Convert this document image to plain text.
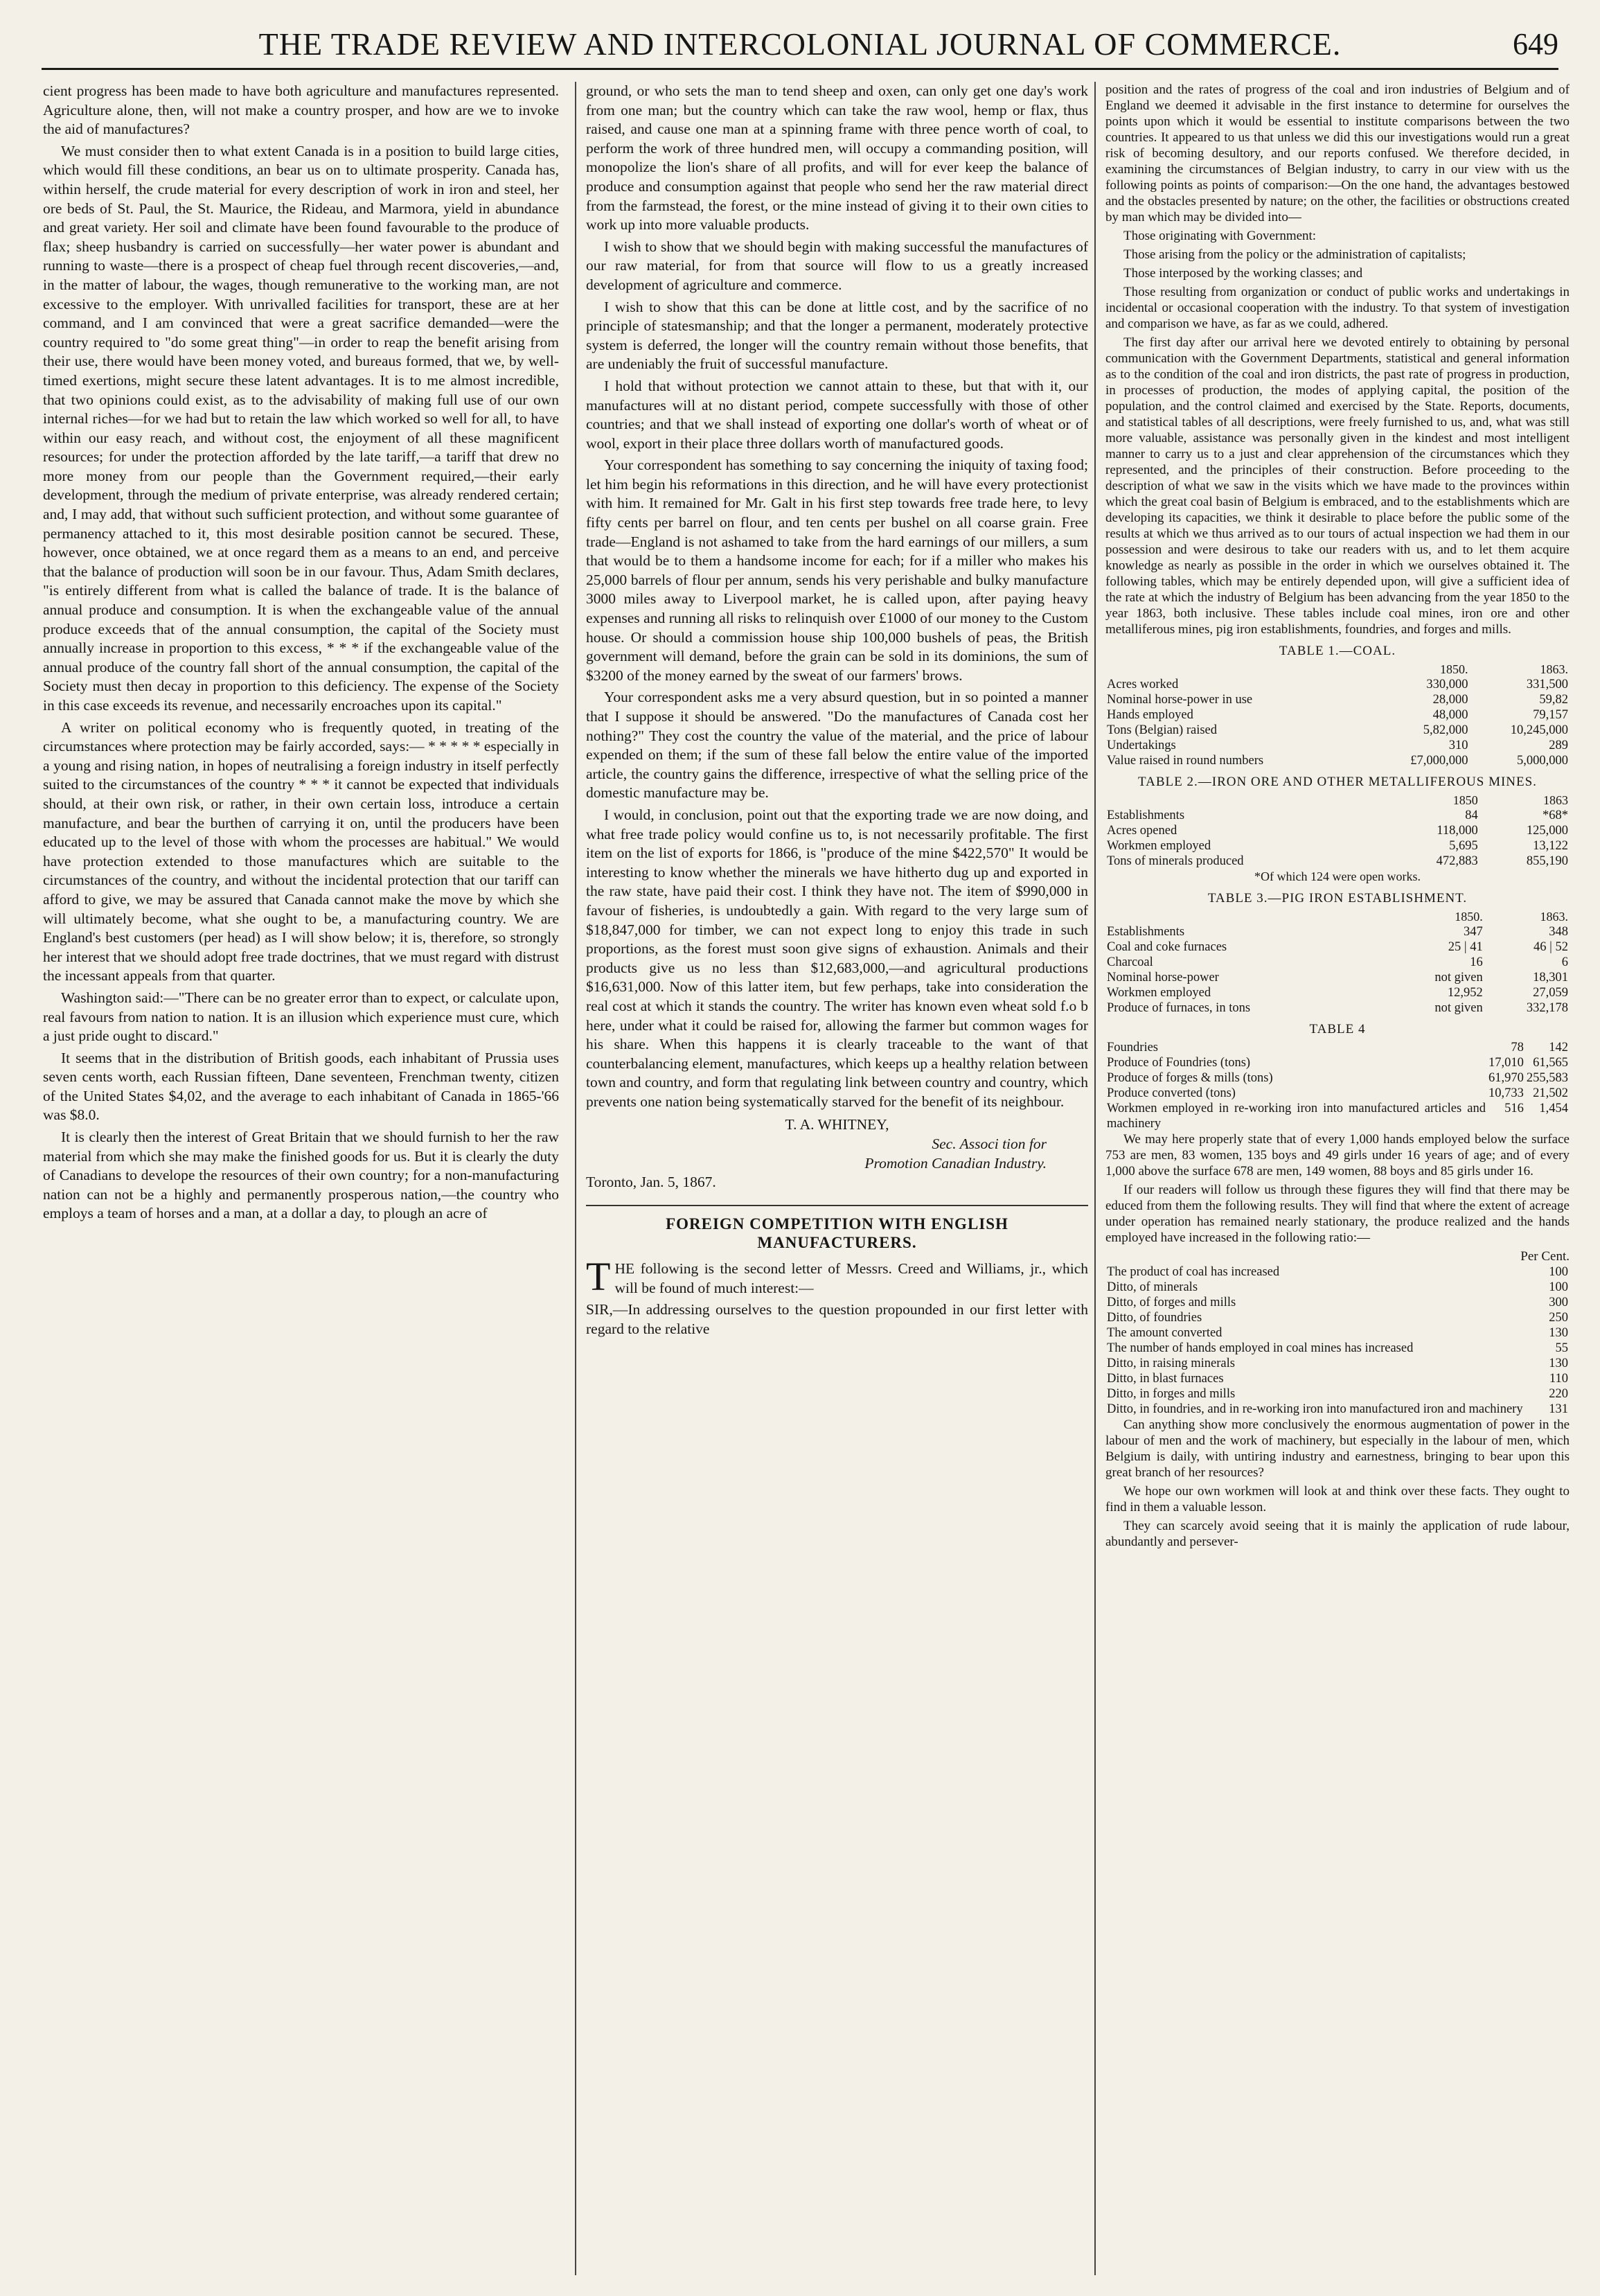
THE TRADE REVIEW AND INTERCOLONIAL JOURNAL OF COMMERCE.	649

cient progress has been made to have both agriculture and manufactures represented. Agriculture alone, then, will not make a country prosper, and how are we to invoke the aid of manufactures?

We must consider then to what extent Canada is in a position to build large cities, which would fill these conditions, an bear us on to ultimate prosperity. Canada has, within herself, the crude material for every description of work in iron and steel, her ore beds of St. Paul, the St. Maurice, the Rideau, and Marmora, yield in abundance and great variety. Her soil and climate have been found favourable to the produce of flax; sheep husbandry is carried on successfully—her water power is abundant and running to waste—there is a prospect of cheap fuel through recent discoveries,—and, in the matter of labour, the wages, though remunerative to the working man, are not excessive to the employer. With unrivalled facilities for transport, these are at her command, and I am convinced that were a great sacrifice demanded—were the country required to "do some great thing"—in order to reap the benefit arising from their use, there would have been money voted, and bureaus formed, that we, by well-timed exertions, might secure these latent advantages. It is to me almost incredible, that two opinions could exist, as to the advisability of making full use of our own internal riches—for we had but to retain the law which worked so well for all, to have within our easy reach, and without cost, the enjoyment of all these magnificent resources; for under the protection afforded by the late tariff,—a tariff that drew no more money from our people than the Government required,—their early development, through the medium of private enterprise, was already rendered certain; and, I may add, that without such sufficient protection, and without some guarantee of permanency attached to it, this most desirable position cannot be secured. These, however, once obtained, we at once regard them as a means to an end, and perceive that the balance of production will soon be in our favour. Thus, Adam Smith declares, "is entirely different from what is called the balance of trade. It is the balance of annual produce and consumption. It is when the exchangeable value of the annual produce exceeds that of the annual consumption, the capital of the Society must annually increase in proportion to this excess, * * * if the exchangeable value of the annual produce of the country fall short of the annual consumption, the capital of the Society must then decay in proportion to this deficiency. The expense of the Society in this case exceeds its revenue, and necessarily encroaches upon its capital."

A writer on political economy who is frequently quoted, in treating of the circumstances where protection may be fairly accorded, says:— * * * * * especially in a young and rising nation, in hopes of neutralising a foreign industry in itself perfectly suited to the circumstances of the country * * * it cannot be expected that individuals should, at their own risk, or rather, in their own certain loss, introduce a certain manufacture, and bear the burthen of carrying it on, until the producers have been educated up to the level of those with whom the processes are habitual." We would have protection extended to those manufactures which are suitable to the circumstances of the country, and without the incidental protection that our tariff can afford to give, we may be assured that Canada cannot make the move by which she will ultimately become, what she ought to be, a manufacturing country. We are England's best customers (per head) as I will show below; it is, therefore, so strongly her interest that we should adopt free trade doctrines, that we must regard with distrust the incessant appeals from that quarter.

Washington said:—"There can be no greater error than to expect, or calculate upon, real favours from nation to nation. It is an illusion which experience must cure, which a just pride ought to discard."

It seems that in the distribution of British goods, each inhabitant of Prussia uses seven cents worth, each Russian fifteen, Dane seventeen, Frenchman twenty, citizen of the United States $4,02, and the average to each inhabitant of Canada in 1865-'66 was $8.0.

It is clearly then the interest of Great Britain that we should furnish to her the raw material from which she may make the finished goods for us. But it is clearly the duty of Canadians to develope the resources of their own country; for a non-manufacturing nation can not be a highly and permanently prosperous nation,—the country who employs a team of horses and a man, at a dollar a day, to plough an acre of

ground, or who sets the man to tend sheep and oxen, can only get one day's work from one man; but the country which can take the raw wool, hemp or flax, thus raised, and cause one man at a spinning frame with three pence worth of coal, to perform the work of three hundred men, will occupy a commanding position, will monopolize the lion's share of all profits, and will for ever keep the balance of produce and consumption against that people who send her the raw material direct from the farmstead, the forest, or the mine instead of giving it to their own cities to work up into more valuable products.

I wish to show that we should begin with making successful the manufactures of our raw material, for from that source will flow to us a greatly increased development of agriculture and commerce.

I wish to show that this can be done at little cost, and by the sacrifice of no principle of statesmanship; and that the longer a permanent, moderately protective system is deferred, the longer will the country remain without those benefits, that are undeniably the fruit of successful manufacture.

I hold that without protection we cannot attain to these, but that with it, our manufactures will at no distant period, compete successfully with those of other countries; and that we shall instead of exporting one dollar's worth of wheat or of wool, export in their place three dollars worth of manufactured goods.

Your correspondent has something to say concerning the iniquity of taxing food; let him begin his reformations in this direction, and he will have every protectionist with him. It remained for Mr. Galt in his first step towards free trade here, to levy fifty cents per barrel on flour, and ten cents per bushel on all coarse grain. Free trade—England is not ashamed to take from the hard earnings of our millers, a sum that would be to them a handsome income for each; for if a miller who makes his 25,000 barrels of flour per annum, sends his very perishable and bulky manufacture 3000 miles away to Liverpool market, he is called upon, after paying heavy expenses and running all risks to relinquish over £1000 of our money to the Custom house. Or should a commission house ship 100,000 bushels of peas, the British government will demand, before the grain can be sold in its dominions, the sum of $3200 of the money earned by the sweat of our farmers' brows.

Your correspondent asks me a very absurd question, but in so pointed a manner that I suppose it should be answered. "Do the manufactures of Canada cost her nothing?" They cost the country the value of the material, and the price of labour expended on them; if the sum of these fall below the entire value of the imported article, the country gains the difference, irrespective of what the selling price of the domestic manufacture may be.

I would, in conclusion, point out that the exporting trade we are now doing, and what free trade policy would confine us to, is not necessarily profitable. The first item on the list of exports for 1866, is "produce of the mine $422,570" It would be interesting to know whether the minerals we have hitherto dug up and exported in the raw state, have paid their cost. I think they have not. The item of $990,000 in favour of fisheries, is undoubtedly a gain. With regard to the very large sum of $18,847,000 for timber, we can not expect long to enjoy this trade in such proportions, as the forest must soon give signs of exhaustion. Animals and their products give us no less than $12,683,000,—and agricultural productions $16,631,000. Now of this latter item, but few perhaps, take into consideration the real cost at which it stands the country. The writer has known even wheat sold f.o b here, under what it could be raised for, allowing the farmer but common wages for his share. When this happens it is clearly traceable to the want of that counterbalancing element, manufactures, which keeps up a healthy relation between town and country, and form that regulating link between country and country, which prevents one nation being systematically starved for the benefit of its neighbour.

T. A. WHITNEY,

Sec. Associ tion for

Promotion Canadian Industry.

Toronto, Jan. 5, 1867.

FOREIGN COMPETITION WITH ENGLISH MANUFACTURERS.

T HE following is the second letter of Messrs. Creed and Williams, jr., which will be found of much interest:—

SIR,—In addressing ourselves to the question propounded in our first letter with regard to the relative

position and the rates of progress of the coal and iron industries of Belgium and of England we deemed it advisable in the first instance to determine for ourselves the points upon which it would be essential to institute comparisons between the two countries. It appeared to us that unless we did this our investigations would run a great risk of becoming desultory, and our reports confused. We therefore decided, in examining the circumstances of Belgian industry, to carry in our view with us the following points as points of comparison:—On the one hand, the advantages bestowed and the obstacles presented by nature; on the other, the facilities or obstructions created by man which may be divided into—

Those originating with Government:

Those arising from the policy or the administration of capitalists;

Those interposed by the working classes; and

Those resulting from organization or conduct of public works and undertakings in incidental or occasional cooperation with the industry. To that system of investigation and comparison we have, as far as we could, adhered.

The first day after our arrival here we devoted entirely to obtaining by personal communication with the Government Departments, statistical and general information as to the condition of the coal and iron districts, the past rate of progress in production, in processes of production, the modes of applying capital, the position of the population, and the control claimed and exercised by the State. Reports, documents, and statistical tables of all descriptions, were freely furnished to us, and, what was still more valuable, assistance was personally given in the kindest and most intelligent manner to carry us to a just and clear apprehension of the circumstances which they represented, and the principles of their construction. Before proceeding to the description of what we saw in the visits which we have made to the provinces within which the great coal basin of Belgium is embraced, and to the establishments which are developing its capacities, we think it desirable to place before the public some of the results at which we thus arrived as to our tours of actual inspection we had them in our possession and were desirous to take our readers with us, and to let them acquire knowledge as nearly as possible in the order in which we ourselves obtained it. The following tables, which may be entirely depended upon, will give a sufficient idea of the rate at which the industry of Belgium has been advancing from the year 1850 to the year 1863, both inclusive. These tables include coal mines, iron ore and other metalliferous mines, pig iron establishments, foundries, and forges and mills.

TABLE 1.—COAL.
	1850.	1863.
Acres worked	330,000	331,500
Nominal horse-power in use	28,000	59,82
Hands employed	48,000	79,157
Tons (Belgian) raised	5,82,000	10,245,000
Undertakings	310	289
Value raised in round numbers	£7,000,000	5,000,000
TABLE 2.—IRON ORE AND OTHER METALLIFEROUS MINES.
	1850	1863
Establishments	84	*68*
Acres opened	118,000	125,000
Workmen employed	5,695	13,122
Tons of minerals produced	472,883	855,190
*Of which 124 were open works.
TABLE 3.—PIG IRON ESTABLISHMENT.
	1850.	1863.
Establishments	347	348
Coal and coke furnaces	25 | 41	46 | 52
Charcoal	16	6
Nominal horse-power	not given	18,301
Workmen employed	12,952	27,059
Produce of furnaces, in tons	not given	332,178
TABLE 4
Foundries	78	142
Produce of Foundries (tons)	17,010	61,565
Produce of forges & mills (tons)	61,970	255,583
Produce converted (tons)	10,733	21,502
Workmen employed in re-working iron into manufactured articles and machinery	516	1,454

We may here properly state that of every 1,000 hands employed below the surface 753 are men, 83 women, 135 boys and 49 girls under 16 years of age; and of every 1,000 above the surface 678 are men, 149 women, 88 boys and 85 girls under 16.

If our readers will follow us through these figures they will find that there may be educed from them the following results. They will find that where the extent of acreage under operation has remained nearly stationary, the produce realized and the hands employed have increased in the following ratio:—

Per Cent.
The product of coal has increased	100
Ditto, of minerals	100
Ditto, of forges and mills	300
Ditto, of foundries	250
The amount converted	130
The number of hands employed in coal mines has increased	55
Ditto, in raising minerals	130
Ditto, in blast furnaces	110
Ditto, in forges and mills	220
Ditto, in foundries, and in re-working iron into manufactured iron and machinery	131

Can anything show more conclusively the enormous augmentation of power in the labour of men and the work of machinery, but especially in the labour of men, which Belgium is daily, with untiring industry and earnestness, bringing to bear upon this great branch of her resources?

We hope our own workmen will look at and think over these facts. They ought to find in them a valuable lesson.

They can scarcely avoid seeing that it is mainly the application of rude labour, abundantly and persever-
